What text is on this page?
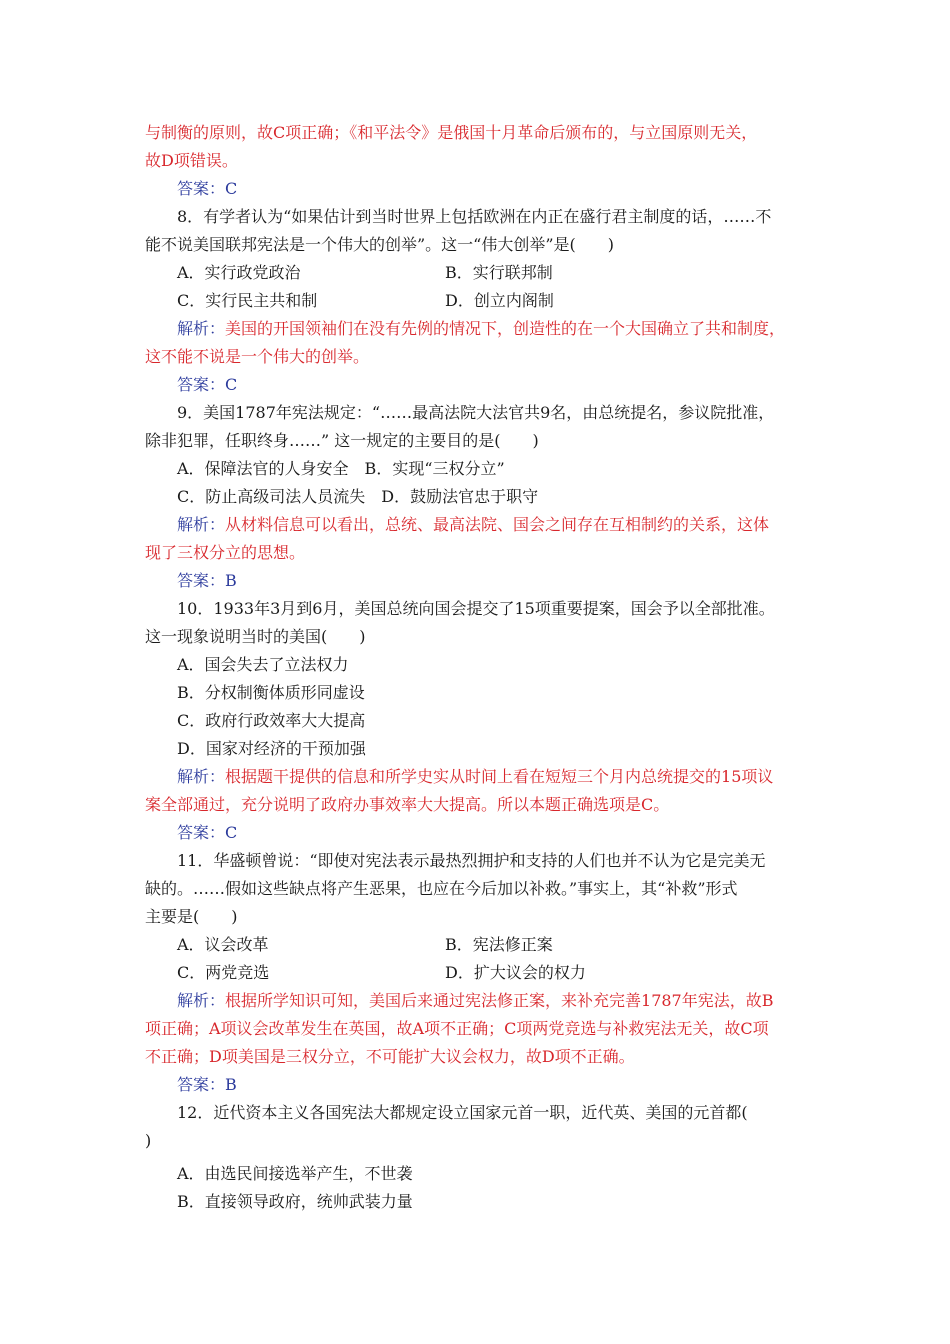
与制衡的原则，故C项正确；《和平法令》是俄国十月革命后颁布的，与立国原则无关，
故D项错误。
答案：C
8．有学者认为“如果估计到当时世界上包括欧洲在内正在盛行君主制度的话，……不
能不说美国联邦宪法是一个伟大的创举”。这一“伟大创举”是(　　)
A．实行政党政治	B．实行联邦制
C．实行民主共和制	D．创立内阁制
解析：美国的开国领袖们在没有先例的情况下，创造性的在一个大国确立了共和制度，
这不能不说是一个伟大的创举。
答案：C
9．美国1787年宪法规定：“……最高法院大法官共9名，由总统提名，参议院批准，
除非犯罪，任职终身……” 这一规定的主要目的是(　　)
A．保障法官的人身安全　B．实现“三权分立”
C．防止高级司法人员流失　D．鼓励法官忠于职守
解析：从材料信息可以看出，总统、最高法院、国会之间存在互相制约的关系，这体
现了三权分立的思想。
答案：B
10．1933年3月到6月，美国总统向国会提交了15项重要提案，国会予以全部批准。
这一现象说明当时的美国(　　)
A．国会失去了立法权力
B．分权制衡体质形同虚设
C．政府行政效率大大提高
D．国家对经济的干预加强
解析：根据题干提供的信息和所学史实从时间上看在短短三个月内总统提交的15项议
案全部通过，充分说明了政府办事效率大大提高。所以本题正确选项是C。
答案：C
11．华盛顿曾说：“即使对宪法表示最热烈拥护和支持的人们也并不认为它是完美无
缺的。……假如这些缺点将产生恶果，也应在今后加以补救。”事实上，其“补救”形式
主要是(　　)
A．议会改革	B．宪法修正案
C．两党竞选	D．扩大议会的权力
解析：根据所学知识可知，美国后来通过宪法修正案，来补充完善1787年宪法，故B
项正确；A项议会改革发生在英国，故A项不正确；C项两党竞选与补救宪法无关，故C项
不正确；D项美国是三权分立，不可能扩大议会权力，故D项不正确。
答案：B
12．近代资本主义各国宪法大都规定设立国家元首一职，近代英、美国的元首都(
)
A．由选民间接选举产生，不世袭
B．直接领导政府，统帅武装力量
